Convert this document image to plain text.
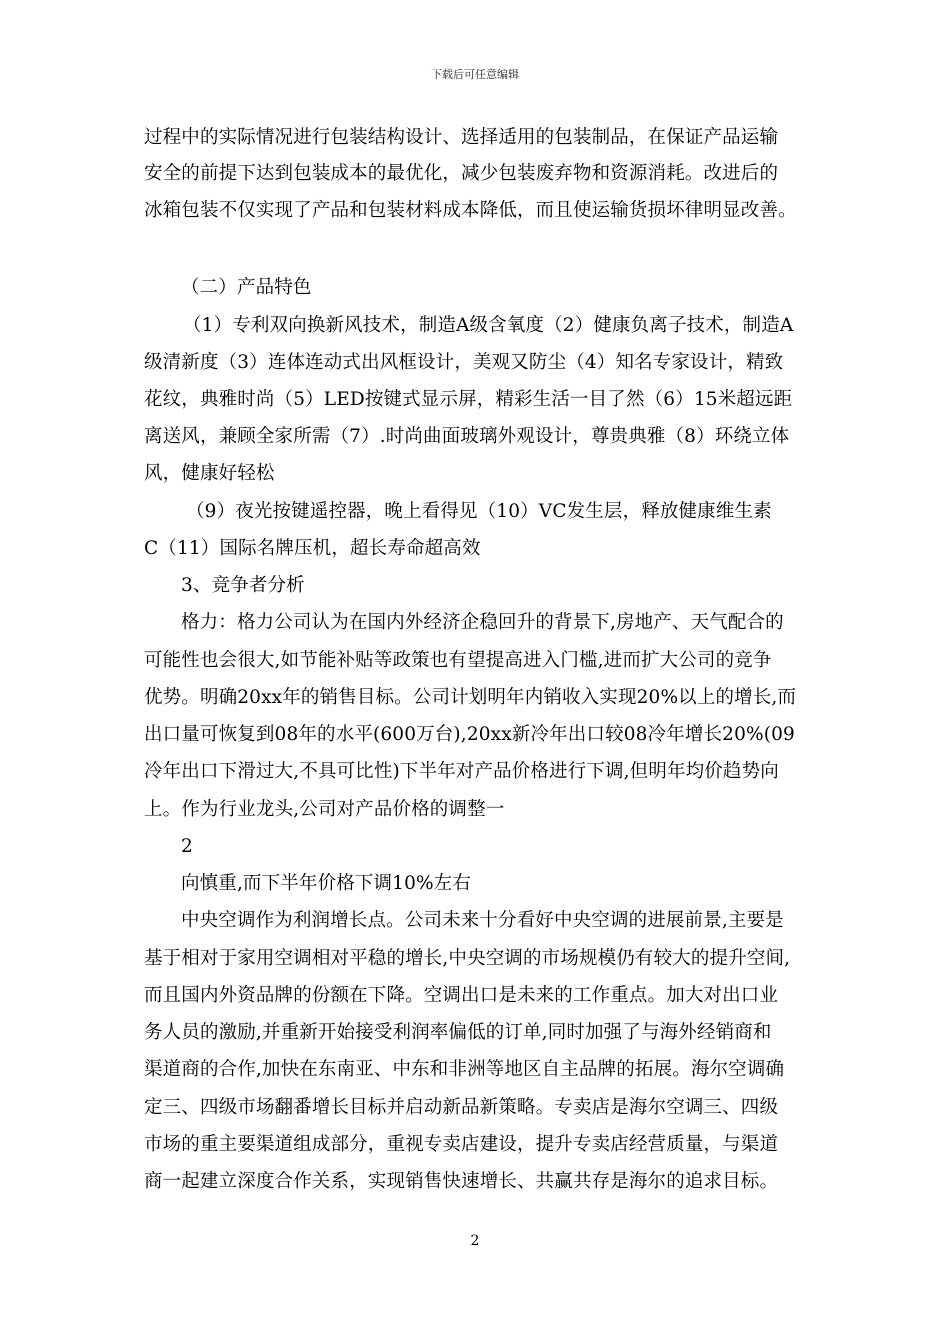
下载后可任意编辑
过程中的实际情况进行包装结构设计、选择适用的包装制品，在保证产品运输
安全的前提下达到包装成本的最优化，减少包装废弃物和资源消耗。改进后的
冰箱包装不仅实现了产品和包装材料成本降低，而且使运输货损坏律明显改善。
（二）产品特色
（1）专利双向换新风技术，制造A级含氧度（2）健康负离子技术，制造A
级清新度（3）连体连动式出风框设计，美观又防尘（4）知名专家设计，精致
花纹，典雅时尚（5）LED按键式显示屏，精彩生活一目了然（6）15米超远距
离送风，兼顾全家所需（7）.时尚曲面玻璃外观设计，尊贵典雅（8）环绕立体
风，健康好轻松
（9）夜光按键遥控器，晚上看得见（10）VC发生层，释放健康维生素
C（11）国际名牌压机，超长寿命超高效
3、竞争者分析
格力：格力公司认为在国内外经济企稳回升的背景下,房地产、天气配合的
可能性也会很大,如节能补贴等政策也有望提高进入门槛,进而扩大公司的竞争
优势。明确20xx年的销售目标。公司计划明年内销收入实现20%以上的增长,而
出口量可恢复到08年的水平(600万台),20xx新冷年出口较08冷年增长20%(09
冷年出口下滑过大,不具可比性)下半年对产品价格进行下调,但明年均价趋势向
上。作为行业龙头,公司对产品价格的调整一
2
向慎重,而下半年价格下调10%左右
中央空调作为利润增长点。公司未来十分看好中央空调的进展前景,主要是
基于相对于家用空调相对平稳的增长,中央空调的市场规模仍有较大的提升空间,
而且国内外资品牌的份额在下降。空调出口是未来的工作重点。加大对出口业
务人员的激励,并重新开始接受利润率偏低的订单,同时加强了与海外经销商和
渠道商的合作,加快在东南亚、中东和非洲等地区自主品牌的拓展。海尔空调确
定三、四级市场翻番增长目标并启动新品新策略。专卖店是海尔空调三、四级
市场的重主要渠道组成部分，重视专卖店建设，提升专卖店经营质量，与渠道
商一起建立深度合作关系，实现销售快速增长、共赢共存是海尔的追求目标。
2
